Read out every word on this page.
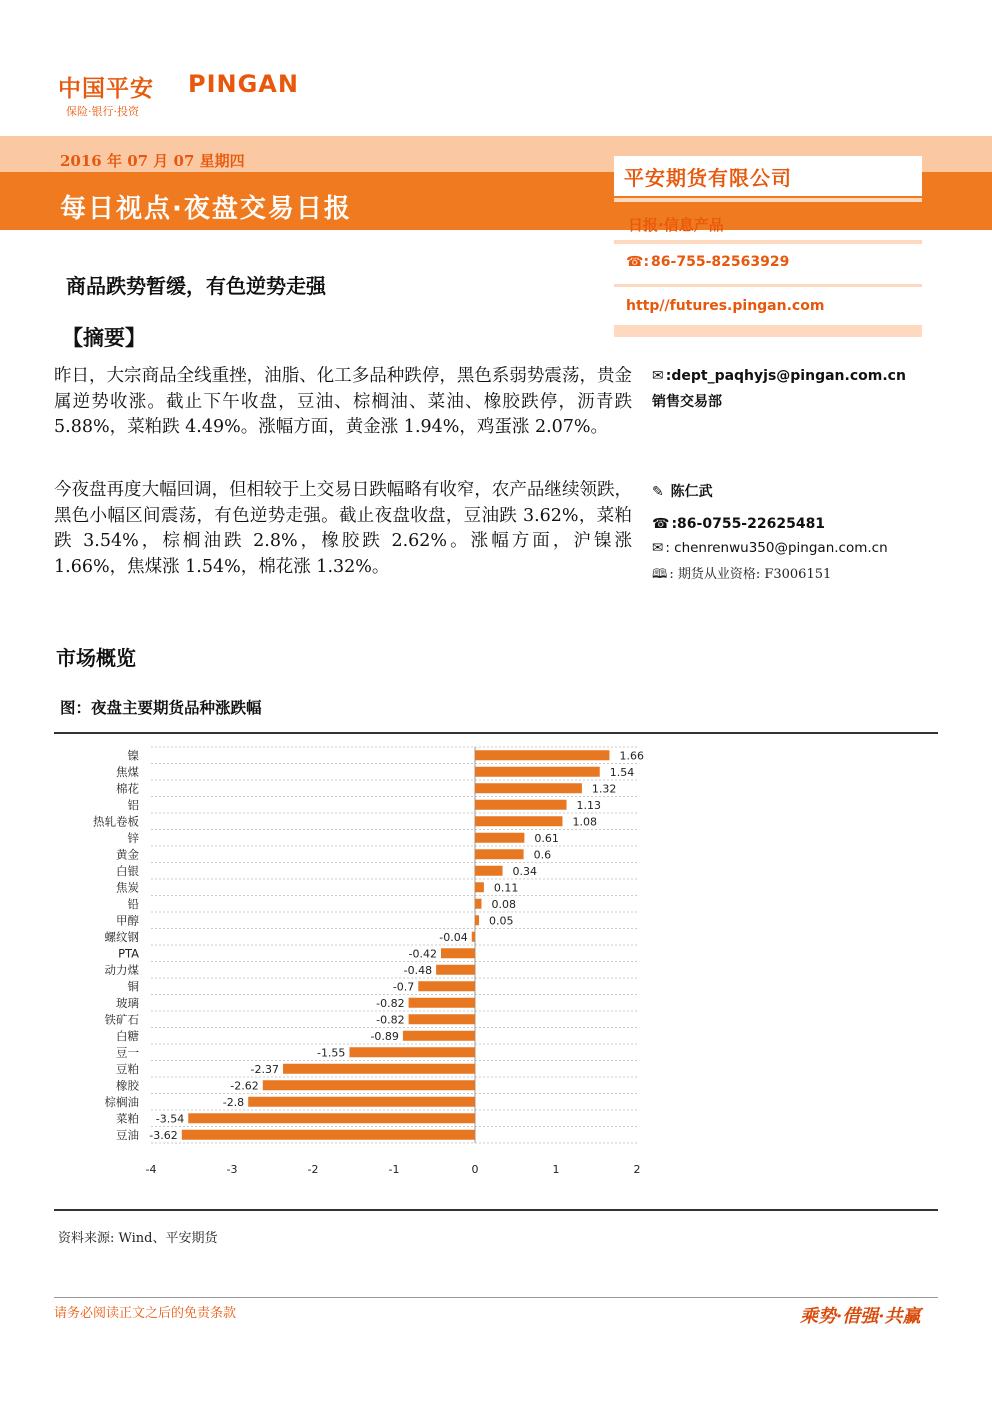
中国平安 PINGAN
保险·银行·投资
2016 年 07 月 07 星期四
每日视点·夜盘交易日报
平安期货有限公司
日报·信息产品
☎: 86-755-82563929
http//futures.pingan.com
商品跌势暂缓，有色逆势走强
【摘要】
昨日，大宗商品全线重挫，油脂、化工多品种跌停，黑色系弱势震荡，贵金属逆势收涨。截止下午收盘，豆油、棕榈油、菜油、橡胶跌停，沥青跌 5.88%，菜粕跌 4.49%。涨幅方面，黄金涨 1.94%，鸡蛋涨 2.07%。
今夜盘再度大幅回调，但相较于上交易日跌幅略有收窄，农产品继续领跌，黑色小幅区间震荡，有色逆势走强。截止夜盘收盘，豆油跌 3.62%，菜粕跌 3.54%，棕榈油跌 2.8%，橡胶跌 2.62%。涨幅方面，沪镍涨 1.66%，焦煤涨 1.54%，棉花涨 1.32%。
✉ :dept_paqhyjs@pingan.com.cn
销售交易部
✎ 陈仁武
☎ :86-0755-22625481
✉ : chenrenwu350@pingan.com.cn
🕮 : 期货从业资格: F3006151
市场概览
图：夜盘主要期货品种涨跌幅
镍	1.66
焦煤	1.54
棉花	1.32
铝	1.13
热轧卷板	1.08
锌	0.61
黄金	0.6
白银	0.34
焦炭	0.11
铅	0.08
甲醇	0.05
螺纹钢	-0.04
PTA	-0.42
动力煤	-0.48
铜	-0.7
玻璃	-0.82
铁矿石	-0.82
白糖	-0.89
豆一	-1.55
豆粕	-2.37
橡胶	-2.62
棕榈油	-2.8
菜粕 -3.54
豆油 -3.62
-4	-3	-2	-1	0	1	2
资料来源: Wind、平安期货
请务必阅读正文之后的免责条款	乘势·借强·共赢
